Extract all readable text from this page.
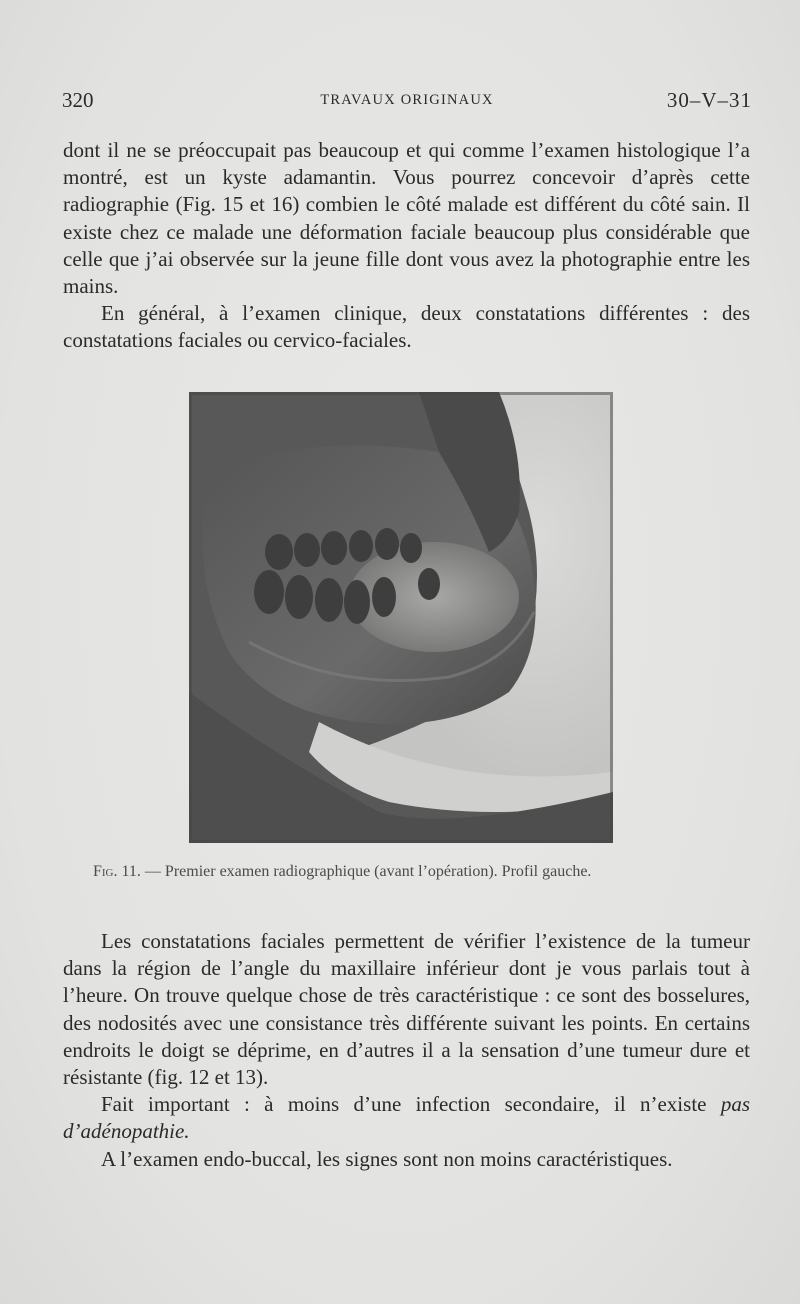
320	TRAVAUX ORIGINAUX	30–V–31

dont il ne se préoccupait pas beaucoup et qui comme l’examen histologique l’a montré, est un kyste adamantin. Vous pourrez concevoir d’après cette radiographie (Fig. 15 et 16) combien le côté malade est différent du côté sain. Il existe chez ce malade une déformation faciale beaucoup plus considérable que celle que j’ai observée sur la jeune fille dont vous avez la photographie entre les mains.

En général, à l’examen clinique, deux constatations différentes : des constatations faciales ou cervico-faciales.

Fig. 11. — Premier examen radiographique (avant l’opération). Profil gauche.

Les constatations faciales permettent de vérifier l’existence de la tumeur dans la région de l’angle du maxillaire inférieur dont je vous parlais tout à l’heure. On trouve quelque chose de très caractéristique : ce sont des bosselures, des nodosités avec une consistance très différente suivant les points. En certains endroits le doigt se déprime, en d’autres il a la sensation d’une tumeur dure et résistante (fig. 12 et 13).

Fait important : à moins d’une infection secondaire, il n’existe pas d’adénopathie.

A l’examen endo-buccal, les signes sont non moins caractéristiques.
